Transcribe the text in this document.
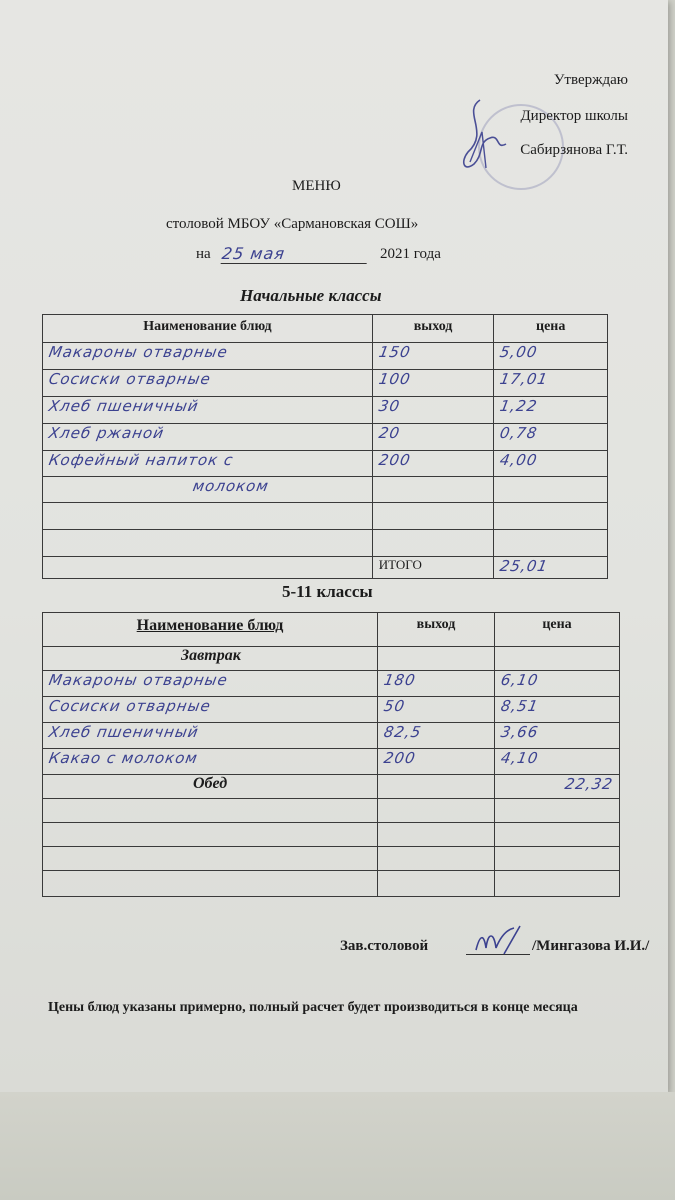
Утверждаю
Директор школы
Сабирзянова Г.Т.
МЕНЮ
столовой МБОУ «Сармановская СОШ»
на 25 мая	2021 года
Начальные классы
Наименование блюд	выход	цена
Макароны отварные	150	5,00
Сосиски отварные	100	17,01
Хлеб пшеничный	30	1,22
Хлеб ржаной	20	0,78
Кофейный напиток с	200	4,00
молоком		

	ИТОГО	25,01
5-11 классы
Наименование блюд	выход	цена
Завтрак		
Макароны отварные	180	6,10
Сосиски отварные	50	8,51
Хлеб пшеничный	82,5	3,66
Какао с молоком	200	4,10
Обед		22,32

Зав.столовой	/Мингазова И.И./
Цены блюд указаны примерно, полный расчет будет производиться в конце месяца
